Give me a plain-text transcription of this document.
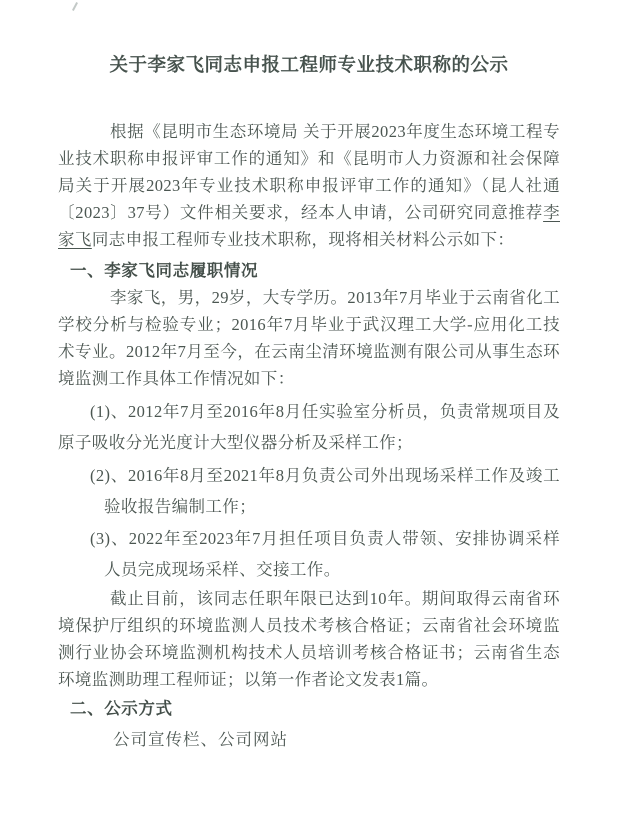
关于李家飞同志申报工程师专业技术职称的公示

根据《昆明市生态环境局 关于开展2023年度生态环境工程专业技术职称申报评审工作的通知》和《昆明市人力资源和社会保障局关于开展2023年专业技术职称申报评审工作的通知》（昆人社通〔2023〕37号）文件相关要求，经本人申请，公司研究同意推荐李家飞同志申报工程师专业技术职称，现将相关材料公示如下：

一、李家飞同志履职情况

李家飞，男，29岁，大专学历。2013年7月毕业于云南省化工学校分析与检验专业；2016年7月毕业于武汉理工大学-应用化工技术专业。2012年7月至今，在云南尘清环境监测有限公司从事生态环境监测工作具体工作情况如下：

(1)、2012年7月至2016年8月任实验室分析员，负责常规项目及原子吸收分光光度计大型仪器分析及采样工作；

(2)、2016年8月至2021年8月负责公司外出现场采样工作及竣工验收报告编制工作；

(3)、2022年至2023年7月担任项目负责人带领、安排协调采样人员完成现场采样、交接工作。

截止目前，该同志任职年限已达到10年。期间取得云南省环境保护厅组织的环境监测人员技术考核合格证；云南省社会环境监测行业协会环境监测机构技术人员培训考核合格证书；云南省生态环境监测助理工程师证；以第一作者论文发表1篇。

二、公示方式

公司宣传栏、公司网站
